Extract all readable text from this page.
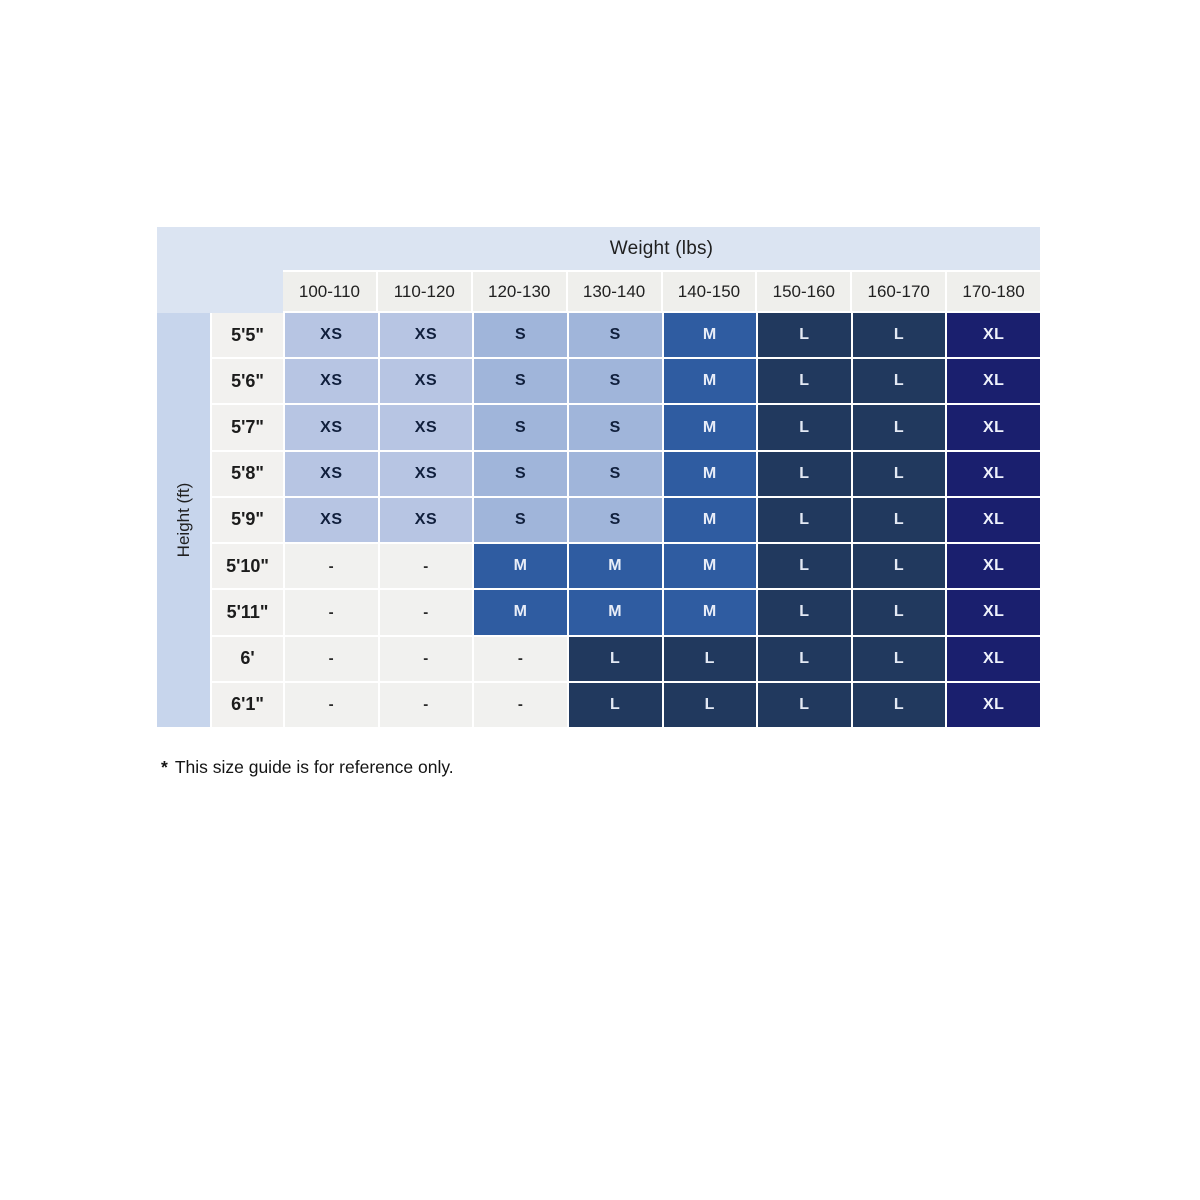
Weight (lbs)
100-110	110-120	120-130	130-140	140-150	150-160	160-170	170-180
Height (ft)
5'5"	XS	XS	S	S	M	L	L	XL
5'6"	XS	XS	S	S	M	L	L	XL
5'7"	XS	XS	S	S	M	L	L	XL
5'8"	XS	XS	S	S	M	L	L	XL
5'9"	XS	XS	S	S	M	L	L	XL
5'10"	-	-	M	M	M	L	L	XL
5'11"	-	-	M	M	M	L	L	XL
6'	-	-	-	L	L	L	L	XL
6'1"	-	-	-	L	L	L	L	XL
* This size guide is for reference only.
